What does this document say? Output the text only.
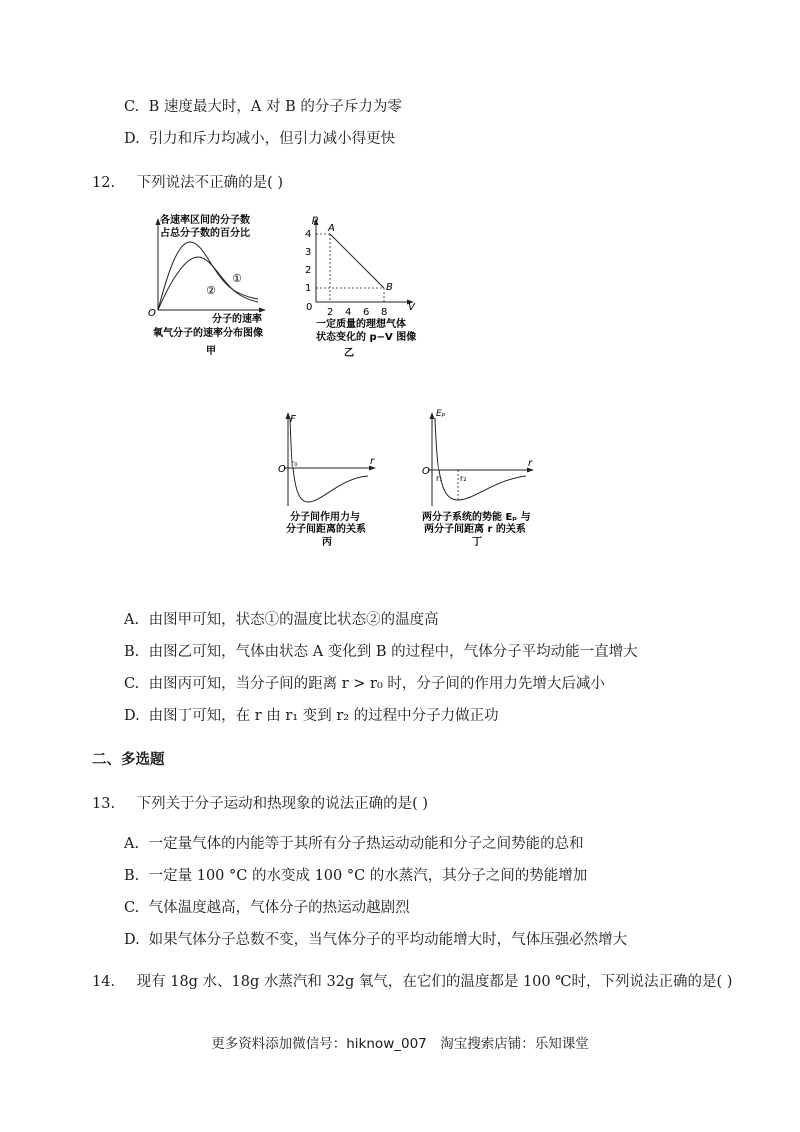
C. B 速度最大时，A 对 B 的分子斥力为零
D. 引力和斥力均减小，但引力减小得更快
12. 下列说法不正确的是( )
各速率区间的分子数
占总分子数的百分比
①
②
O
分子的速率
氧气分子的速率分布图像
甲
p
V
0
1
2
3
4
2 4 6 8
A
B
一定质量的理想气体
状态变化的 p−V 图像
乙
F
r
O
r₀
分子间作用力与
分子间距离的关系
丙
Eₚ
r
O
r₁ r₂
两分子系统的势能 Eₚ 与
两分子间距离 r 的关系
丁
A. 由图甲可知，状态①的温度比状态②的温度高
B. 由图乙可知，气体由状态 A 变化到 B 的过程中，气体分子平均动能一直增大
C. 由图丙可知，当分子间的距离 r > r₀ 时，分子间的作用力先增大后减小
D. 由图丁可知，在 r 由 r₁ 变到 r₂ 的过程中分子力做正功
二、多选题
13. 下列关于分子运动和热现象的说法正确的是( )
A. 一定量气体的内能等于其所有分子热运动动能和分子之间势能的总和
B. 一定量 100 °C 的水变成 100 °C 的水蒸汽，其分子之间的势能增加
C. 气体温度越高，气体分子的热运动越剧烈
D. 如果气体分子总数不变，当气体分子的平均动能增大时，气体压强必然增大
14. 现有 18g 水、18g 水蒸汽和 32g 氧气，在它们的温度都是 100 ℃时，下列说法正确的是( )
更多资料添加微信号：hiknow_007　淘宝搜索店铺：乐知课堂
